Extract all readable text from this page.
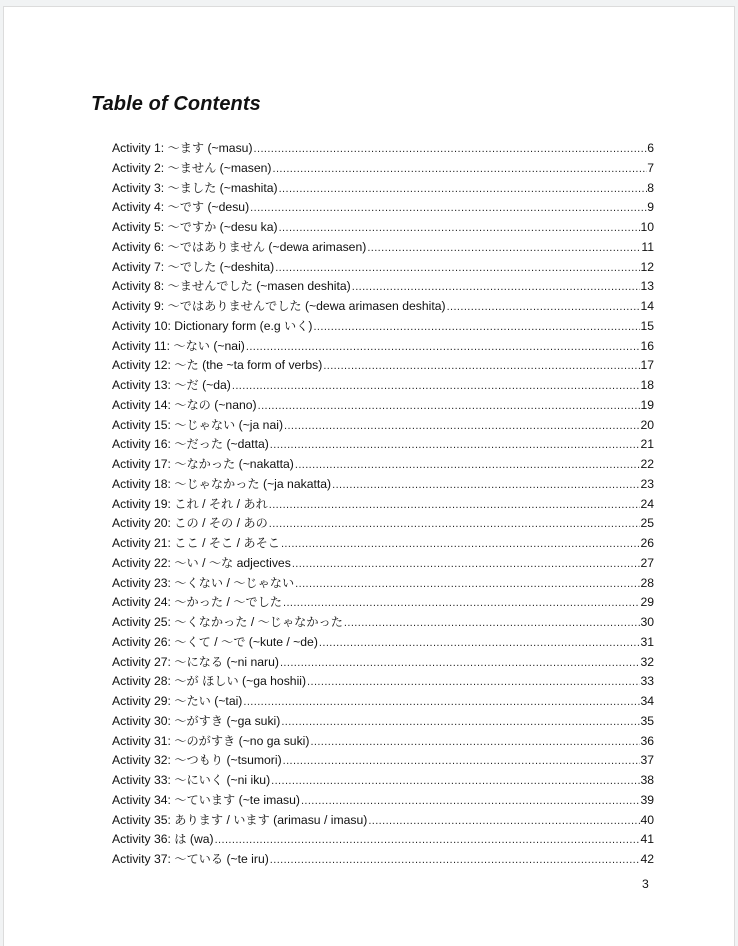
Table of Contents
Activity 1: ～ます (~masu) .....	6
Activity 2: ～ません (~masen) .....	7
Activity 3: ～ました (~mashita) .....	8
Activity 4: ～です (~desu) .....	9
Activity 5: ～ですか (~desu ka) .....	10
Activity 6: ～ではありません (~dewa arimasen) .....	11
Activity 7: ～でした (~deshita) .....	12
Activity 8: ～ませんでした (~masen deshita) .....	13
Activity 9: ～ではありませんでした (~dewa arimasen deshita) .....	14
Activity 10: Dictionary form (e.g いく) .....	15
Activity 11: ～ない (~nai) .....	16
Activity 12: ～た (the ~ta form of verbs) .....	17
Activity 13: ～だ (~da) .....	18
Activity 14: ～なの (~nano) .....	19
Activity 15: ～じゃない (~ja nai) .....	20
Activity 16: ～だった (~datta) .....	21
Activity 17: ～なかった (~nakatta) .....	22
Activity 18: ～じゃなかった (~ja nakatta) .....	23
Activity 19: これ / それ / あれ .....	24
Activity 20: この / その / あの .....	25
Activity 21: ここ / そこ / あそこ .....	26
Activity 22: ～い / ～な adjectives .....	27
Activity 23: ～くない / ～じゃない .....	28
Activity 24: ～かった / ～でした .....	29
Activity 25: ～くなかった / ～じゃなかった .....	30
Activity 26: ～くて / ～で (~kute / ~de) .....	31
Activity 27: ～になる (~ni naru) .....	32
Activity 28: ～が ほしい (~ga hoshii) .....	33
Activity 29: ～たい (~tai) .....	34
Activity 30: ～がすき (~ga suki) .....	35
Activity 31: ～のがすき (~no ga suki) .....	36
Activity 32: ～つもり (~tsumori) .....	37
Activity 33: ～にいく (~ni iku) .....	38
Activity 34: ～ています (~te imasu) .....	39
Activity 35: あります / います (arimasu / imasu) .....	40
Activity 36: は (wa) .....	41
Activity 37: ～ている (~te iru) .....	42
3
